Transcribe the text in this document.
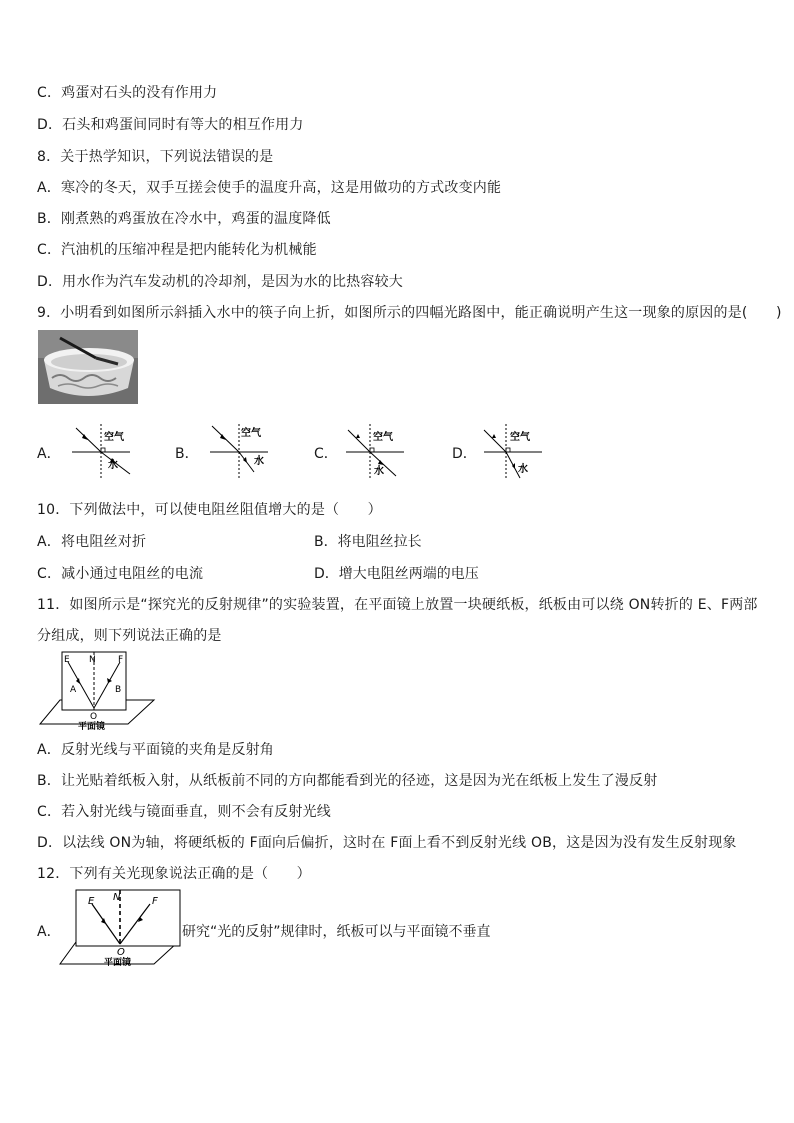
C．鸡蛋对石头的没有作用力
D．石头和鸡蛋间同时有等大的相互作用力
8．关于热学知识，下列说法错误的是
A．寒冷的冬天，双手互搓会使手的温度升高，这是用做功的方式改变内能
B．刚煮熟的鸡蛋放在冷水中，鸡蛋的温度降低
C．汽油机的压缩冲程是把内能转化为机械能
D．用水作为汽车发动机的冷却剂，是因为水的比热容较大
9．小明看到如图所示斜插入水中的筷子向上折，如图所示的四幅光路图中，能正确说明产生这一现象的原因的是(　　)
A．	B．	C．	D．
空气
水
空气
水
空气
水
空气
水
10．下列做法中，可以使电阻丝阻值增大的是（　　）
A．将电阻丝对折	B．将电阻丝拉长
C．减小通过电阻丝的电流	D．增大电阻丝两端的电压
11．如图所示是“探究光的反射规律”的实验装置，在平面镜上放置一块硬纸板，纸板由可以绕 ON转折的 E、F两部
分组成，则下列说法正确的是
E N F
A	B
O
平面镜
A．反射光线与平面镜的夹角是反射角
B．让光贴着纸板入射，从纸板前不同的方向都能看到光的径迹，这是因为光在纸板上发生了漫反射
C．若入射光线与镜面垂直，则不会有反射光线
D．以法线 ON为轴，将硬纸板的 F面向后偏折，这时在 F面上看不到反射光线 OB，这是因为没有发生反射现象
12．下列有关光现象说法正确的是（　　）
A．
E N	F
O
平面镜
研究“光的反射”规律时，纸板可以与平面镜不垂直
